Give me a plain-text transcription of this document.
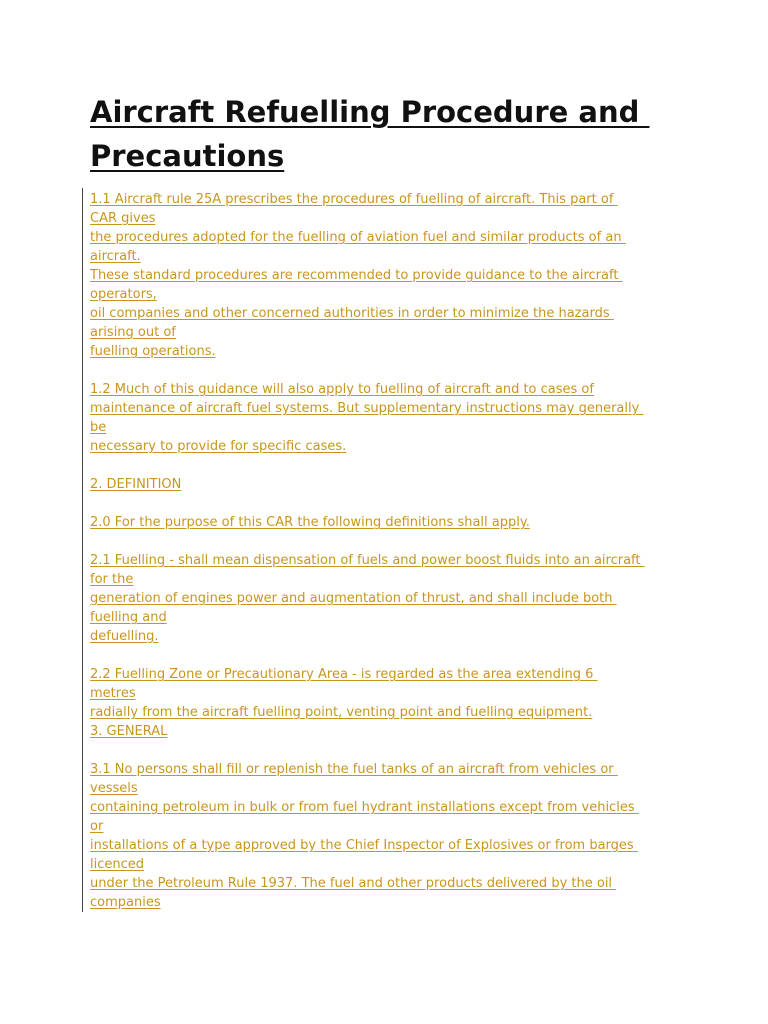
Aircraft Refuelling Procedure and
Precautions
1.1 Aircraft rule 25A prescribes the procedures of fuelling of aircraft. This part of
CAR gives
the procedures adopted for the fuelling of aviation fuel and similar products of an
aircraft.
These standard procedures are recommended to provide guidance to the aircraft
operators,
oil companies and other concerned authorities in order to minimize the hazards
arising out of
fuelling operations.
1.2 Much of this guidance will also apply to fuelling of aircraft and to cases of
maintenance of aircraft fuel systems. But supplementary instructions may generally
be
necessary to provide for specific cases.
2. DEFINITION
2.0 For the purpose of this CAR the following definitions shall apply.
2.1 Fuelling - shall mean dispensation of fuels and power boost fluids into an aircraft
for the
generation of engines power and augmentation of thrust, and shall include both
fuelling and
defuelling.
2.2 Fuelling Zone or Precautionary Area - is regarded as the area extending 6
metres
radially from the aircraft fuelling point, venting point and fuelling equipment.
3. GENERAL
3.1 No persons shall fill or replenish the fuel tanks of an aircraft from vehicles or
vessels
containing petroleum in bulk or from fuel hydrant installations except from vehicles
or
installations of a type approved by the Chief Inspector of Explosives or from barges
licenced
under the Petroleum Rule 1937. The fuel and other products delivered by the oil
companies
